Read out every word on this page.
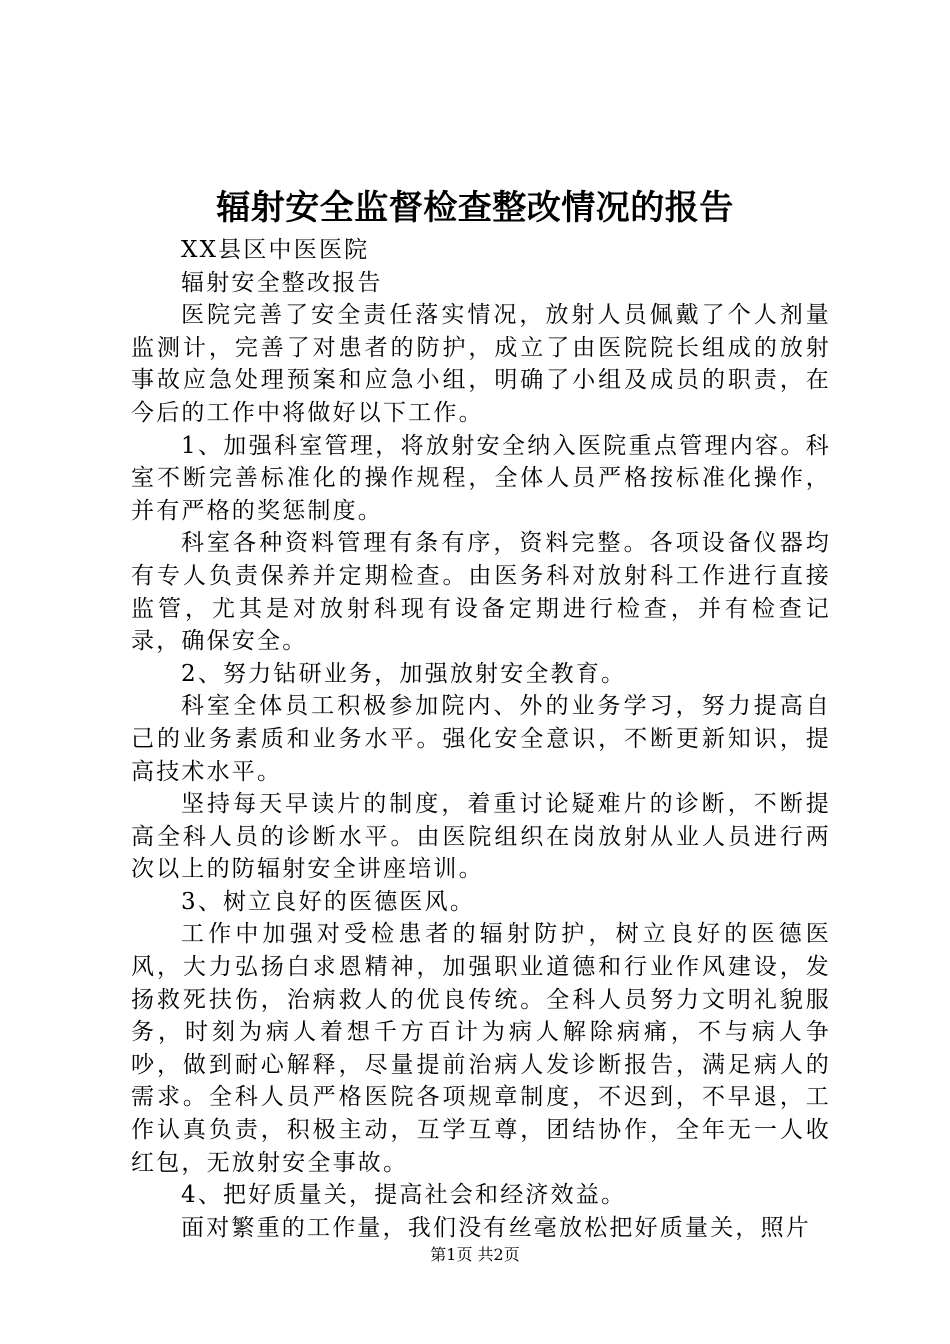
辐射安全监督检查整改情况的报告

XX县区中医医院

辐射安全整改报告

医院完善了安全责任落实情况，放射人员佩戴了个人剂量监测计，完善了对患者的防护，成立了由医院院长组成的放射事故应急处理预案和应急小组，明确了小组及成员的职责，在今后的工作中将做好以下工作。

1、加强科室管理，将放射安全纳入医院重点管理内容。科室不断完善标准化的操作规程，全体人员严格按标准化操作，并有严格的奖惩制度。

科室各种资料管理有条有序，资料完整。各项设备仪器均有专人负责保养并定期检查。由医务科对放射科工作进行直接监管，尤其是对放射科现有设备定期进行检查，并有检查记录，确保安全。

2、努力钻研业务，加强放射安全教育。

科室全体员工积极参加院内、外的业务学习，努力提高自己的业务素质和业务水平。强化安全意识，不断更新知识，提高技术水平。

坚持每天早读片的制度，着重讨论疑难片的诊断，不断提高全科人员的诊断水平。由医院组织在岗放射从业人员进行两次以上的防辐射安全讲座培训。

3、树立良好的医德医风。

工作中加强对受检患者的辐射防护，树立良好的医德医风，大力弘扬白求恩精神，加强职业道德和行业作风建设，发扬救死扶伤，治病救人的优良传统。全科人员努力文明礼貌服务，时刻为病人着想千方百计为病人解除病痛，不与病人争吵，做到耐心解释，尽量提前治病人发诊断报告，满足病人的需求。全科人员严格医院各项规章制度，不迟到，不早退，工作认真负责，积极主动，互学互尊，团结协作，全年无一人收红包，无放射安全事故。

4、把好质量关，提高社会和经济效益。

面对繁重的工作量，我们没有丝毫放松把好质量关，照片

第1页 共2页
